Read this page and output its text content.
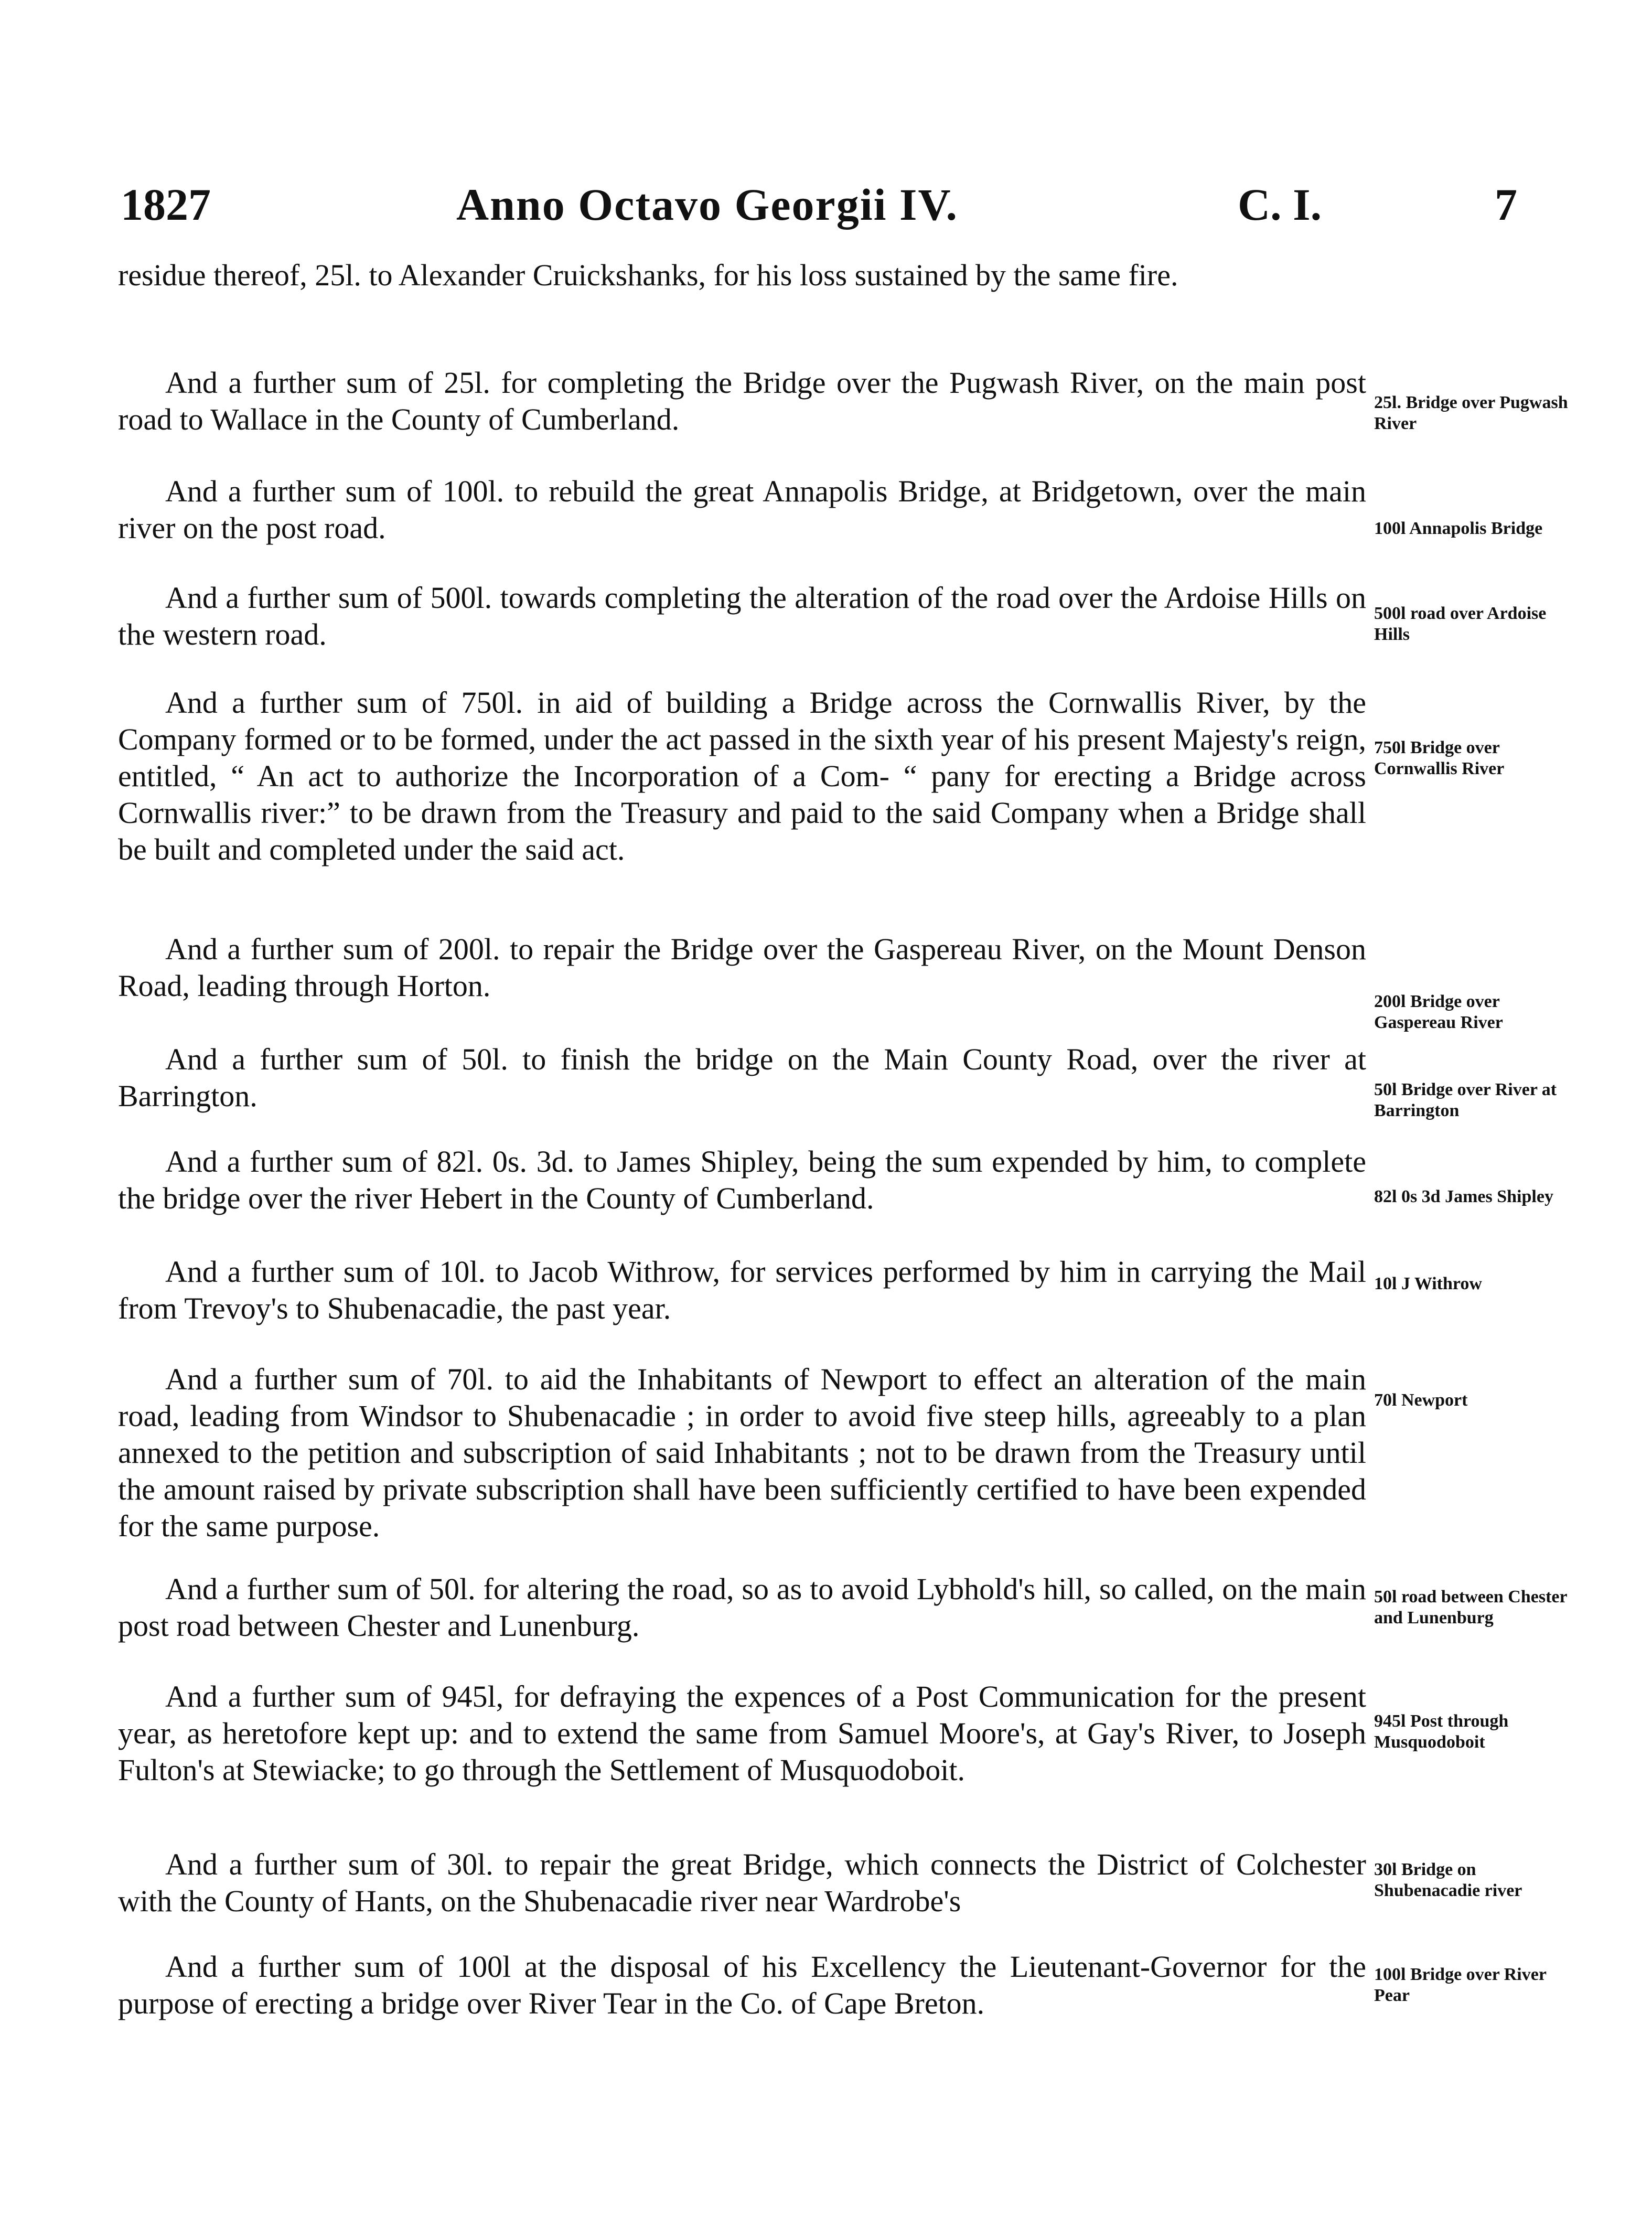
1827	Anno Octavo Georgii IV.	C. I.	7

residue thereof, 25l. to Alexander Cruickshanks, for his loss sustained by the same fire.

And a further sum of 25l. for completing the Bridge over the Pugwash River, on the main post road to Wallace in the County of Cumberland.	25l. Bridge over Pugwash River

And a further sum of 100l. to rebuild the great Annapolis Bridge, at Bridgetown, over the main river on the post road.	100l Annapolis Bridge

And a further sum of 500l. towards completing the alteration of the road over the Ardoise Hills on the western road.

500l road over Ardoise Hills

And a further sum of 750l. in aid of building a Bridge across the Cornwallis River, by the Company formed or to be formed, under the act passed in the sixth year of his present Majesty's reign, entitled, “ An act to authorize the Incorporation of a Com- “ pany for erecting a Bridge across Cornwallis river:” to be drawn from the Treasury and paid to the said Company when a Bridge shall be built and completed under the said act.

750l Bridge over Cornwallis River

And a further sum of 200l. to repair the Bridge over the Gaspereau River, on the Mount Denson Road, leading through Horton.	200l Bridge over Gaspereau River

And a further sum of 50l. to finish the bridge on the Main County Road, over the river at Barrington.	50l Bridge over River at Barrington

And a further sum of 82l. 0s. 3d. to James Shipley, being the sum expended by him, to complete the bridge over the river Hebert in the County of Cumberland.	82l 0s 3d James Shipley

And a further sum of 10l. to Jacob Withrow, for services performed by him in carrying the Mail from Trevoy's to Shubenacadie, the past year.

10l J Withrow

And a further sum of 70l. to aid the Inhabitants of Newport to effect an alteration of the main road, leading from Windsor to Shubenacadie ; in order to avoid five steep hills, agreeably to a plan annexed to the petition and subscription of said Inhabitants ; not to be drawn from the Treasury until the amount raised by private subscription shall have been sufficiently certified to have been expended for the same purpose.

70l Newport

And a further sum of 50l. for altering the road, so as to avoid Lybhold's hill, so called, on the main post road between Chester and Lunenburg.

50l road between Chester and Lunenburg

And a further sum of 945l, for defraying the expences of a Post Communication for the present year, as heretofore kept up: and to extend the same from Samuel Moore's, at Gay's River, to Joseph Fulton's at Stewiacke; to go through the Settlement of Musquodoboit.

945l Post through Musquodoboit

And a further sum of 30l. to repair the great Bridge, which connects the District of Colchester with the County of Hants, on the Shubenacadie river near Wardrobe's

30l Bridge on Shubenacadie river

And a further sum of 100l at the disposal of his Excellency the Lieutenant-Governor for the purpose of erecting a bridge over River Tear in the Co. of Cape Breton.

100l Bridge over River Pear
